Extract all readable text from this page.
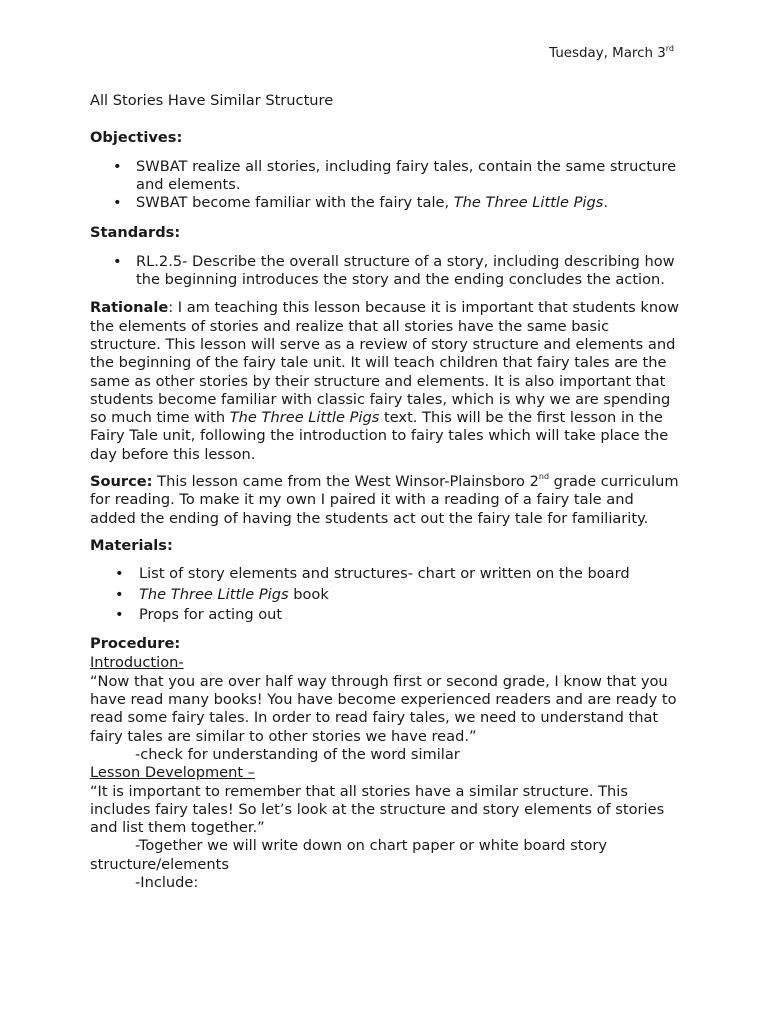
Tuesday, March 3rd
All Stories Have Similar Structure
Objectives:
• SWBAT realize all stories, including fairy tales, contain the same structure and elements.
• SWBAT become familiar with the fairy tale, The Three Little Pigs.
Standards:
• RL.2.5- Describe the overall structure of a story, including describing how the beginning introduces the story and the ending concludes the action.

Rationale: I am teaching this lesson because it is important that students know the elements of stories and realize that all stories have the same basic structure. This lesson will serve as a review of story structure and elements and the beginning of the fairy tale unit. It will teach children that fairy tales are the same as other stories by their structure and elements. It is also important that students become familiar with classic fairy tales, which is why we are spending so much time with The Three Little Pigs text. This will be the first lesson in the Fairy Tale unit, following the introduction to fairy tales which will take place the day before this lesson.

Source: This lesson came from the West Winsor-Plainsboro 2nd grade curriculum for reading. To make it my own I paired it with a reading of a fairy tale and added the ending of having the students act out the fairy tale for familiarity.

Materials:
• List of story elements and structures- chart or written on the board
• The Three Little Pigs book
• Props for acting out
Procedure:

Introduction-

“Now that you are over half way through first or second grade, I know that you have read many books! You have become experienced readers and are ready to read some fairy tales. In order to read fairy tales, we need to understand that fairy tales are similar to other stories we have read.”

-check for understanding of the word similar

Lesson Development –

“It is important to remember that all stories have a similar structure. This includes fairy tales! So let’s look at the structure and story elements of stories and list them together.”

-Together we will write down on chart paper or white board story structure/elements

-Include:
